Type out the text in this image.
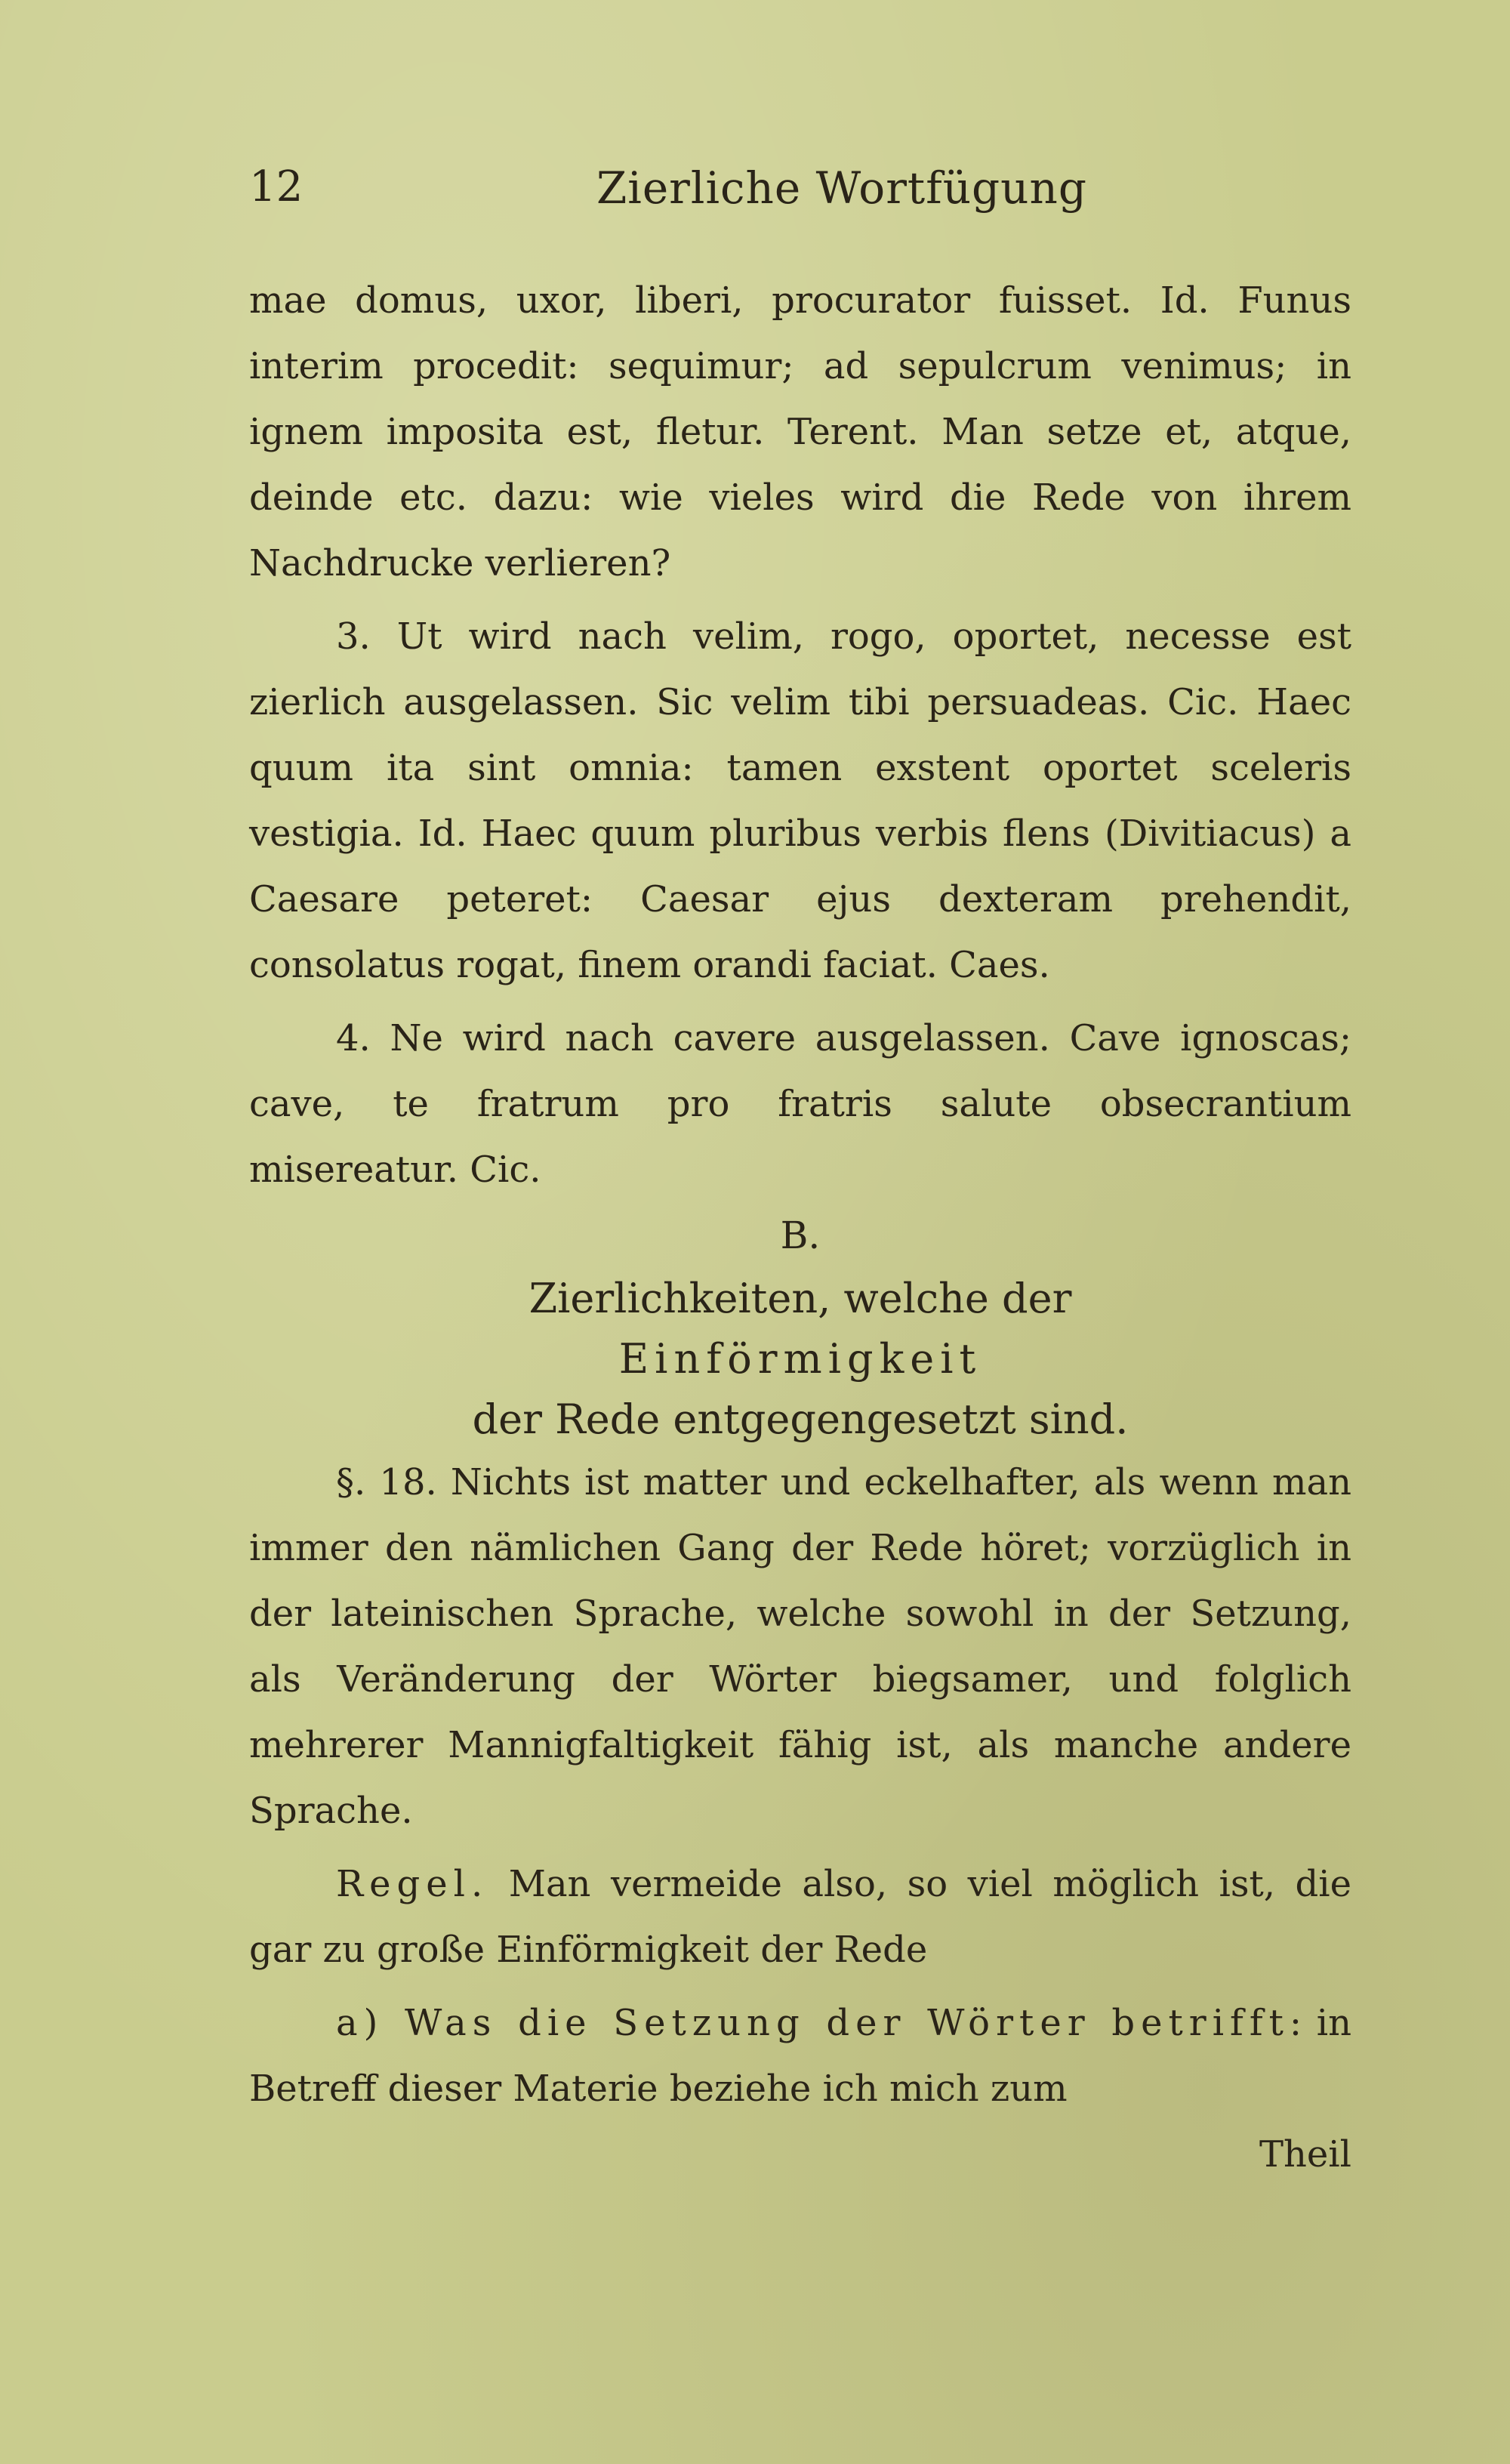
12	Zierliche Wortfügung

mae domus, uxor, liberi, procurator fuisset. Id. Funus interim procedit: sequimur; ad sepulcrum venimus; in ignem imposita est, fletur. Terent. Man setze et, atque, deinde etc. dazu: wie vieles wird die Rede von ihrem Nachdrucke verlieren?

3. Ut wird nach velim, rogo, oportet, necesse est zierlich ausgelassen. Sic velim tibi persuadeas. Cic. Haec quum ita sint omnia: tamen exstent oportet sceleris vestigia. Id. Haec quum pluribus verbis flens (Divitiacus) a Caesare peteret: Caesar ejus dexteram prehendit, consolatus rogat, finem orandi faciat. Caes.

4. Ne wird nach cavere ausgelassen. Cave ignoscas; cave, te fratrum pro fratris salute obsecrantium misereatur. Cic.

B.

Zierlichkeiten, welche der

Einförmigkeit

der Rede entgegengesetzt sind.

§. 18. Nichts ist matter und eckelhafter, als wenn man immer den nämlichen Gang der Rede höret; vorzüglich in der lateinischen Sprache, welche sowohl in der Setzung, als Veränderung der Wörter biegsamer, und folglich mehrerer Mannigfaltigkeit fähig ist, als manche andere Sprache.

Regel. Man vermeide also, so viel möglich ist, die gar zu große Einförmigkeit der Rede

a) Was die Setzung der Wörter betrifft: in Betreff dieser Materie beziehe ich mich zum

Theil
